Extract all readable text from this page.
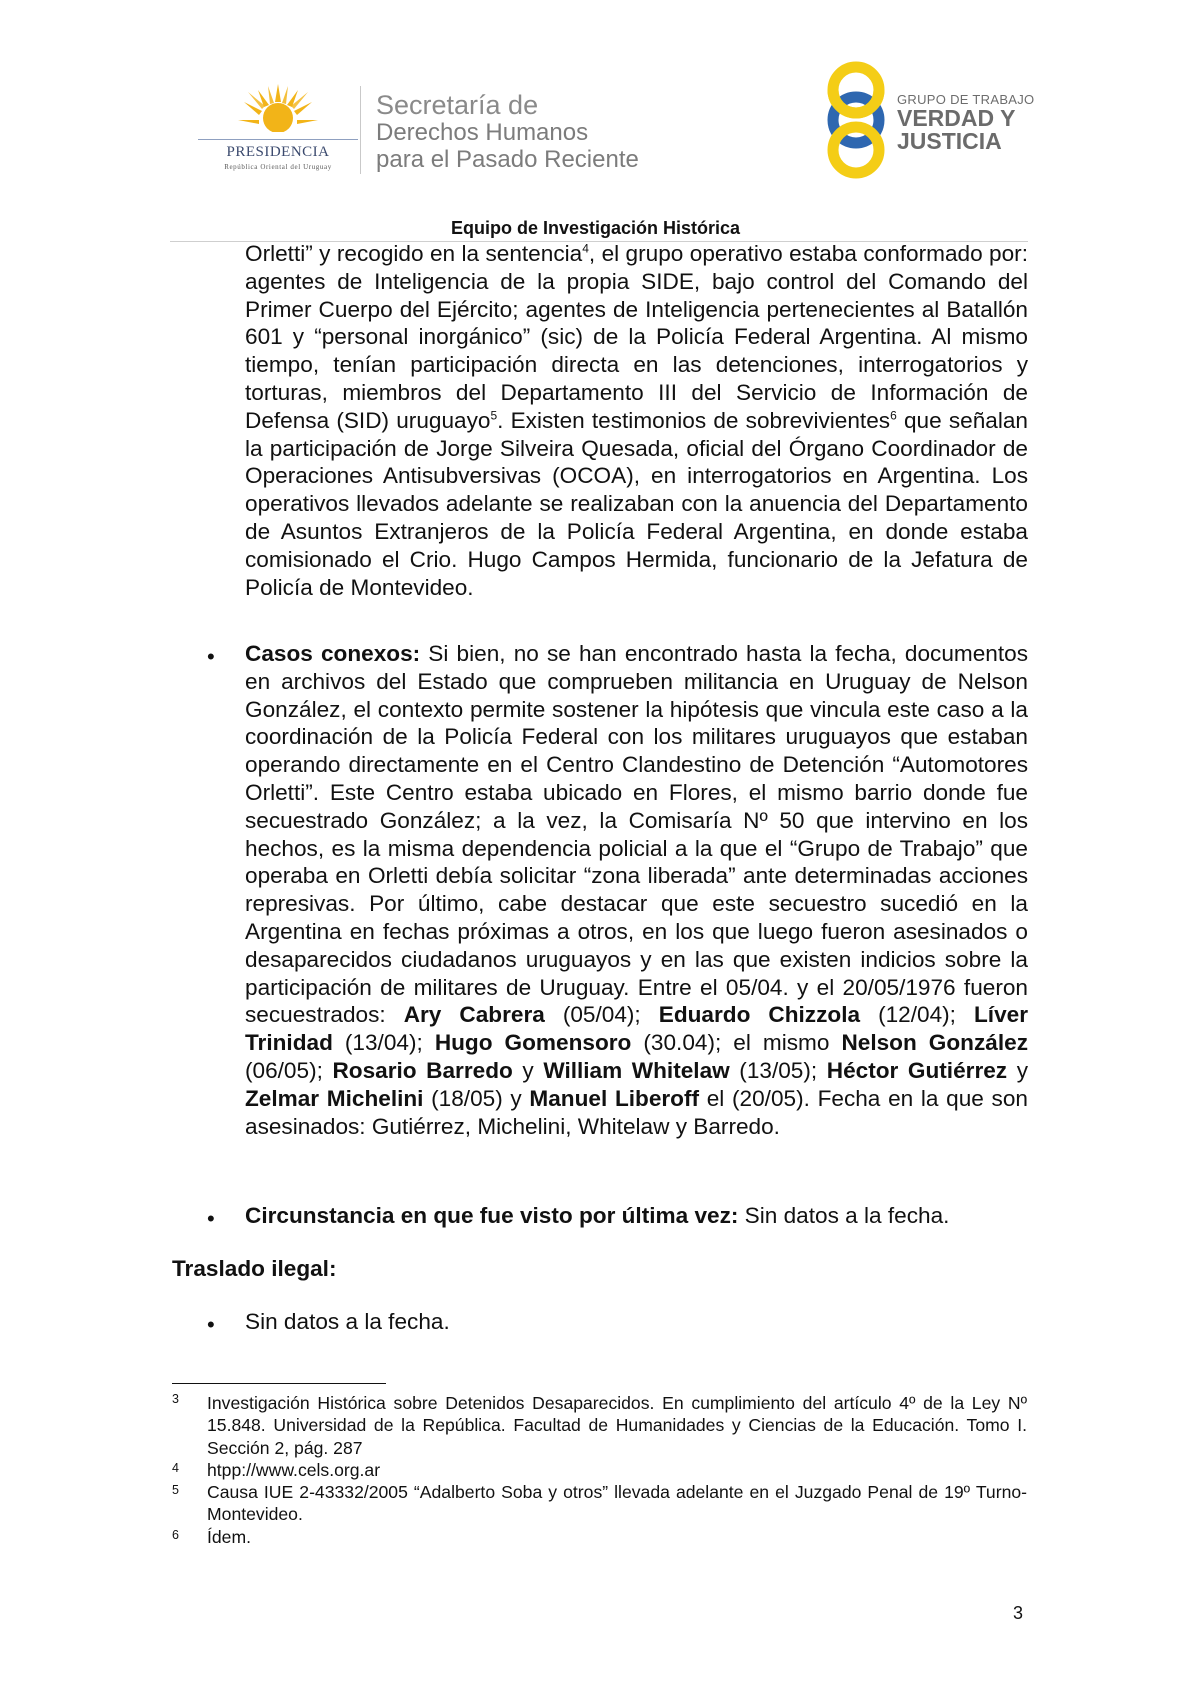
PRESIDENCIA
República Oriental del Uruguay
Secretaría de
Derechos Humanos
para el Pasado Reciente
GRUPO DE TRABAJO
VERDAD Y
JUSTICIA
Equipo de Investigación Histórica

Orletti” y recogido en la sentencia$^4$, el grupo operativo estaba conformado por: agentes de Inteligencia de la propia SIDE, bajo control del Comando del Primer Cuerpo del Ejército; agentes de Inteligencia pertenecientes al Batallón 601 y “personal inorgánico” (sic) de la Policía Federal Argentina. Al mismo tiempo, tenían participación directa en las detenciones, interrogatorios y torturas, miembros del Departamento III del Servicio de Información de Defensa (SID) uruguayo$^5$. Existen testimonios de sobrevivientes$^6$ que señalan la participación de Jorge Silveira Quesada, oficial del Órgano Coordinador de Operaciones Antisubversivas (OCOA), en interrogatorios en Argentina. Los operativos llevados adelante se realizaban con la anuencia del Departamento de Asuntos Extranjeros de la Policía Federal Argentina, en donde estaba comisionado el Crio. Hugo Campos Hermida, funcionario de la Jefatura de Policía de Montevideo.

• Casos conexos: Si bien, no se han encontrado hasta la fecha, documentos en archivos del Estado que comprueben militancia en Uruguay de Nelson González, el contexto permite sostener la hipótesis que vincula este caso a la coordinación de la Policía Federal con los militares uruguayos que estaban operando directamente en el Centro Clandestino de Detención “Automotores Orletti”. Este Centro estaba ubicado en Flores, el mismo barrio donde fue secuestrado González; a la vez, la Comisaría Nº 50 que intervino en los hechos, es la misma dependencia policial a la que el “Grupo de Trabajo” que operaba en Orletti debía solicitar “zona liberada” ante determinadas acciones represivas. Por último, cabe destacar que este secuestro sucedió en la Argentina en fechas próximas a otros, en los que luego fueron asesinados o desaparecidos ciudadanos uruguayos y en las que existen indicios sobre la participación de militares de Uruguay. Entre el 05/04. y el 20/05/1976 fueron secuestrados: Ary Cabrera (05/04); Eduardo Chizzola (12/04); Líver Trinidad (13/04); Hugo Gomensoro (30.04); el mismo Nelson González (06/05); Rosario Barredo y William Whitelaw (13/05); Héctor Gutiérrez y Zelmar Michelini (18/05) y Manuel Liberoff el (20/05). Fecha en la que son asesinados: Gutiérrez, Michelini, Whitelaw y Barredo.

• Circunstancia en que fue visto por última vez: Sin datos a la fecha.

Traslado ilegal:
• Sin datos a la fecha.
3 Investigación Histórica sobre Detenidos Desaparecidos. En cumplimiento del artículo 4º de la Ley Nº 15.848. Universidad de la República. Facultad de Humanidades y Ciencias de la Educación. Tomo I. Sección 2, pág. 287
4 htpp://www.cels.org.ar
5 Causa IUE 2-43332/2005 “Adalberto Soba y otros” llevada adelante en el Juzgado Penal de 19º Turno-Montevideo.
6 Ídem.
3
